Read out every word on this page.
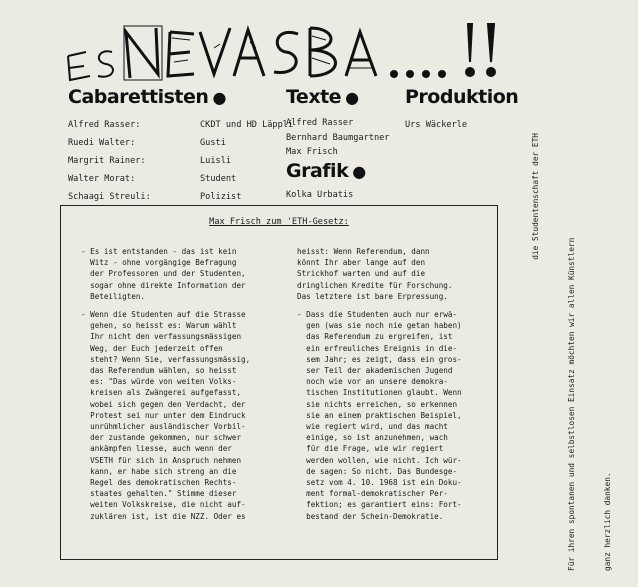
Cabarettisten ●	Texte ● Produktion
Grafik ●
Alfred Rasser:
Ruedi Walter:
Margrit Rainer:
Walter Morat:
Schaagi Streuli:
CKDT und HD Läppli
Gusti
Luisli
Student
Polizist
Alfred Rasser
Bernhard Baumgartner
Max Frisch
Urs Wäckerle
Kolka Urbatis
Max Frisch zum 'ETH-Gesetz:

- Es ist entstanden - das ist kein
Witz - ohne vorgängige Befragung
der Professoren und der Studenten,
sogar ohne direkte Information der
Beteiligten.

- Wenn die Studenten auf die Strasse
gehen, so heisst es: Warum wählt
Ihr nicht den verfassungsmässigen
Weg, der Euch jederzeit offen
steht? Wenn Sie, verfassungsmässig,
das Referendum wählen, so heisst
es: "Das würde von weiten Volks-
kreisen als Zwängerei aufgefasst,
wobei sich gegen den Verdacht, der
Protest sei nur unter dem Eindruck
unrühmlicher ausländischer Vorbil-
der zustande gekommen, nur schwer
ankämpfen liesse, auch wenn der
VSETH für sich in Anspruch nehmen
kann, er habe sich streng an die
Regel des demokratischen Rechts-
staates gehalten." Stimme dieser
weiten Volkskreise, die nicht auf-
zuklären ist, ist die NZZ. Oder es

heisst: Wenn Referendum, dann
könnt Ihr aber lange auf den
Strickhof warten und auf die
dringlichen Kredite für Forschung.
Das letztere ist bare Erpressung.

- Dass die Studenten auch nur erwä-
gen (was sie noch nie getan haben)
das Referendum zu ergreifen, ist
ein erfreuliches Ereignis in die-
sem Jahr; es zeigt, dass ein gros-
ser Teil der akademischen Jugend
noch wie vor an unsere demokra-
tischen Institutionen glaubt. Wenn
sie nichts erreichen, so erkennen
sie an einem praktischen Beispiel,
wie regiert wird, und das macht
einige, so ist anzunehmen, wach
für die Frage, wie wir regiert
werden wollen, wie nicht. Ich wür-
de sagen: So nicht. Das Bundesge-
setz vom 4. 10. 1968 ist ein Doku-
ment formal-demokratischer Per-
fektion; es garantiert eins: Fort-
bestand der Schein-Demokratie.

die Studentenschaft der ETH

Für ihren spontanen und selbstlosen Einsatz möchten wir allen Künstlern

	ganz herzlich danken.
